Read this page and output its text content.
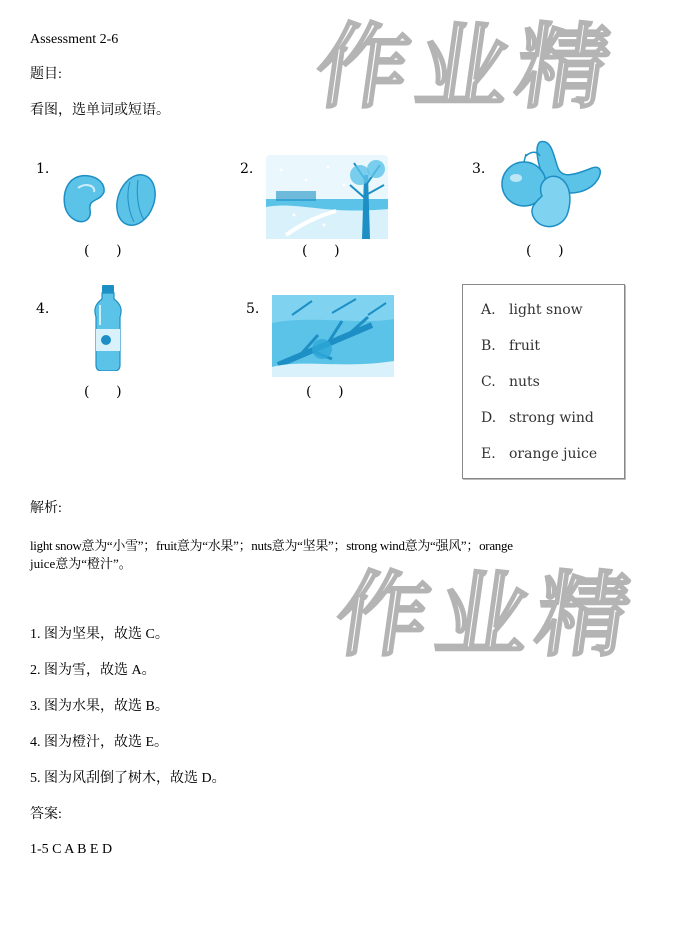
作业精
作业精
Assessment 2-6
题目:
看图，选单词或短语。
1.
(      )
2.
(      )
3.
(      )
4.
(      )
5.
(      )
A. light snow
B. fruit
C. nuts
D. strong wind
E. orange juice
解析:
light snow意为“小雪”；fruit意为“水果”；nuts意为“坚果”；strong wind意为“强风”；orange
juice意为“橙汁”。
1. 图为坚果，故选 C。
2. 图为雪，故选 A。
3. 图为水果，故选 B。
4. 图为橙汁，故选 E。
5. 图为风刮倒了树木，故选 D。
答案:
1-5 C A B E D
